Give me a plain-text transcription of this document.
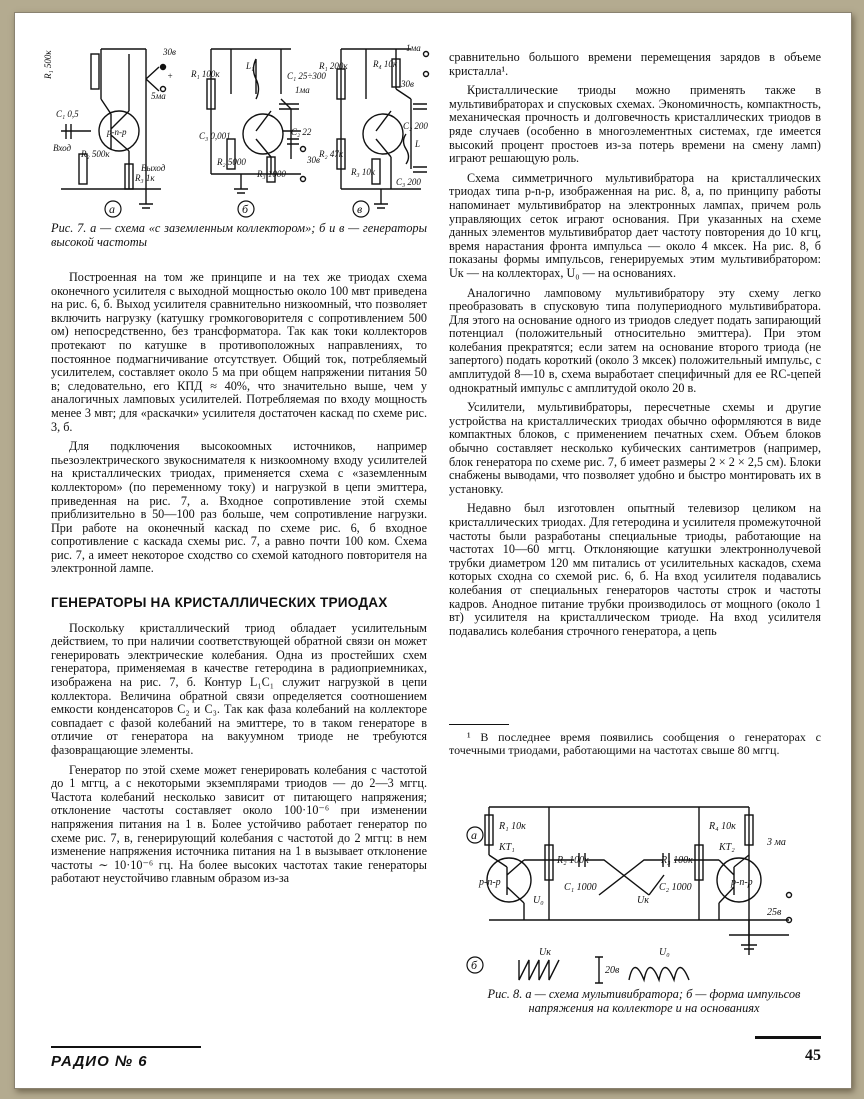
R₁ 500к
C₁ 0,5
p-n-p
Вход
Выход
R₂ 500к
R₃ 1к
30в
+
5ма
R₁ 100к
L₁
C₁ 25÷300
1ма
C₂ 22
C₃ 0,001
R₂ 5000
R₃ 1000
30в
R₁ 200к
1ма
30в
R₄ 10к
L
C₂ 200
C₃ 200
R₂ 47к
R₃ 10к
а	б	в
Рис. 7. а — схема «с заземленным коллектором»; б и в — генераторы высокой частоты

Построенная на том же принципе и на тех же триодах схема оконечного усилителя с выходной мощностью около 100 мвт приведена на рис. 6, б. Выход усилителя сравнительно низкоомный, что позволяет включить нагрузку (катушку громкоговорителя с сопротивлением 500 ом) непосредственно, без трансформатора. Так как токи коллекторов протекают по катушке в противоположных направлениях, то постоянное подмагничивание отсутствует. Общий ток, потребляемый усилителем, составляет около 5 ма при общем напряжении питания 50 в; следовательно, его КПД ≈ 40%, что значительно выше, чем у аналогичных ламповых усилителей. Потребляемая по входу мощность менее 3 мвт; для «раскачки» усилителя достаточен каскад по схеме рис. 3, б.

Для подключения высокоомных источников, например пьезоэлектрического звукоснимателя к низкоомному входу усилителей на кристаллических триодах, применяется схема с «заземленным коллектором» (по переменному току) и нагрузкой в цепи эмиттера, приведенная на рис. 7, а. Входное сопротивление этой схемы приблизительно в 50—100 раз больше, чем сопротивление нагрузки. При работе на оконечный каскад по схеме рис. 6, б входное сопротивление с каскада схемы рис. 7, а равно почти 100 ком. Схема рис. 7, а имеет некоторое сходство со схемой катодного повторителя на электронной лампе.

ГЕНЕРАТОРЫ НА КРИСТАЛЛИЧЕСКИХ ТРИОДАХ

Поскольку кристаллический триод обладает усилительным действием, то при наличии соответствующей обратной связи он может генерировать электрические колебания. Одна из простейших схем генератора, применяемая в качестве гетеродина в радиоприемниках, изображена на рис. 7, б. Контур L₁C₁ служит нагрузкой в цепи коллектора. Величина обратной связи определяется соотношением емкости конденсаторов C₂ и C₃. Так как фаза колебаний на коллекторе совпадает с фазой колебаний на эмиттере, то в таком генераторе в отличие от генератора на вакуумном триоде не требуются фазовращающие элементы.

Генератор по этой схеме может генерировать колебания с частотой до 1 мггц, а с некоторыми экземплярами триодов — до 2—3 мггц. Частота колебаний несколько зависит от питающего напряжения; отклонение частоты составляет около 100·10⁻⁶ при изменении напряжения питания на 1 в. Более устойчиво работает генератор по схеме рис. 7, в, генерирующий колебания с частотой до 2 мггц: в нем изменение напряжения источника питания на 1 в вызывает отклонение частоты ∼ 10·10⁻⁶ гц. На более высоких частотах такие генераторы работают неустойчиво главным образом из-за

сравнительно большого времени перемещения зарядов в объеме кристалла¹.

Кристаллические триоды можно применять также в мультивибраторах и спусковых схемах. Экономичность, компактность, механическая прочность и долговечность кристаллических триодов в ряде случаев (особенно в многоэлементных системах, где имеется высокий процент простоев из-за потерь времени на смену ламп) играют решающую роль.

Схема симметричного мультивибратора на кристаллических триодах типа p-n-p, изображенная на рис. 8, а, по принципу работы напоминает мультивибратор на электронных лампах, причем роль управляющих сеток играют основания. При указанных на схеме данных элементов мультивибратор дает частоту повторения до 10 кгц, время нарастания фронта импульса — около 4 мксек. На рис. 8, б показаны формы импульсов, генерируемых этим мультивибратором: Uк — на коллекторах, U₀ — на основаниях.

Аналогично ламповому мультивибратору эту схему легко преобразовать в спусковую типа полупериодного мультивибратора. Для этого на основание одного из триодов следует подать запирающий потенциал (положительный относительно эмиттера). При этом колебания прекратятся; если затем на основание второго триода (не запертого) подать короткий (около 3 мксек) положительный импульс, с амплитудой 8—10 в, схема выработает специфичный для ее RC-цепей однократный импульс с амплитудой около 20 в.

Усилители, мультивибраторы, пересчетные схемы и другие устройства на кристаллических триодах обычно оформляются в виде компактных блоков, с применением печатных схем. Объем блоков обычно составляет несколько кубических сантиметров (например, блок генератора по схеме рис. 7, б имеет размеры 2 × 2 × 2,5 см). Блоки снабжены выводами, что позволяет удобно и быстро монтировать их в установку.

Недавно был изготовлен опытный телевизор целиком на кристаллических триодах. Для гетеродина и усилителя промежуточной частоты были разработаны специальные триоды, работающие на частотах 10—60 мггц. Отклоняющие катушки электроннолучевой трубки диаметром 120 мм питались от усилительных каскадов, схема которых сходна со схемой рис. 6, б. На вход усилителя подавались колебания от специальных генераторов частоты строк и частоты кадров. Анодное питание трубки производилось от мощного (около 1 вт) усилителя на кристаллическом триоде. На вход усилителя подавались колебания строчного генератора, а цепь

¹ В последнее время появились сообщения о генераторах с точечными триодами, работающими на частотах свыше 80 мггц.
R₁ 10к
R₂ 100к	R₃ 100к
R₄ 10к
KT₁	KT₂
p-n-p	p-n-p
C₁ 1000	C₂ 1000
U₀	Uк
3 ма
25в
20в
Uк	U₀
а
б
Рис. 8. а — схема мультивибратора; б — форма импульсов напряжения на коллекторе и на основаниях
РАДИО № 6	45
